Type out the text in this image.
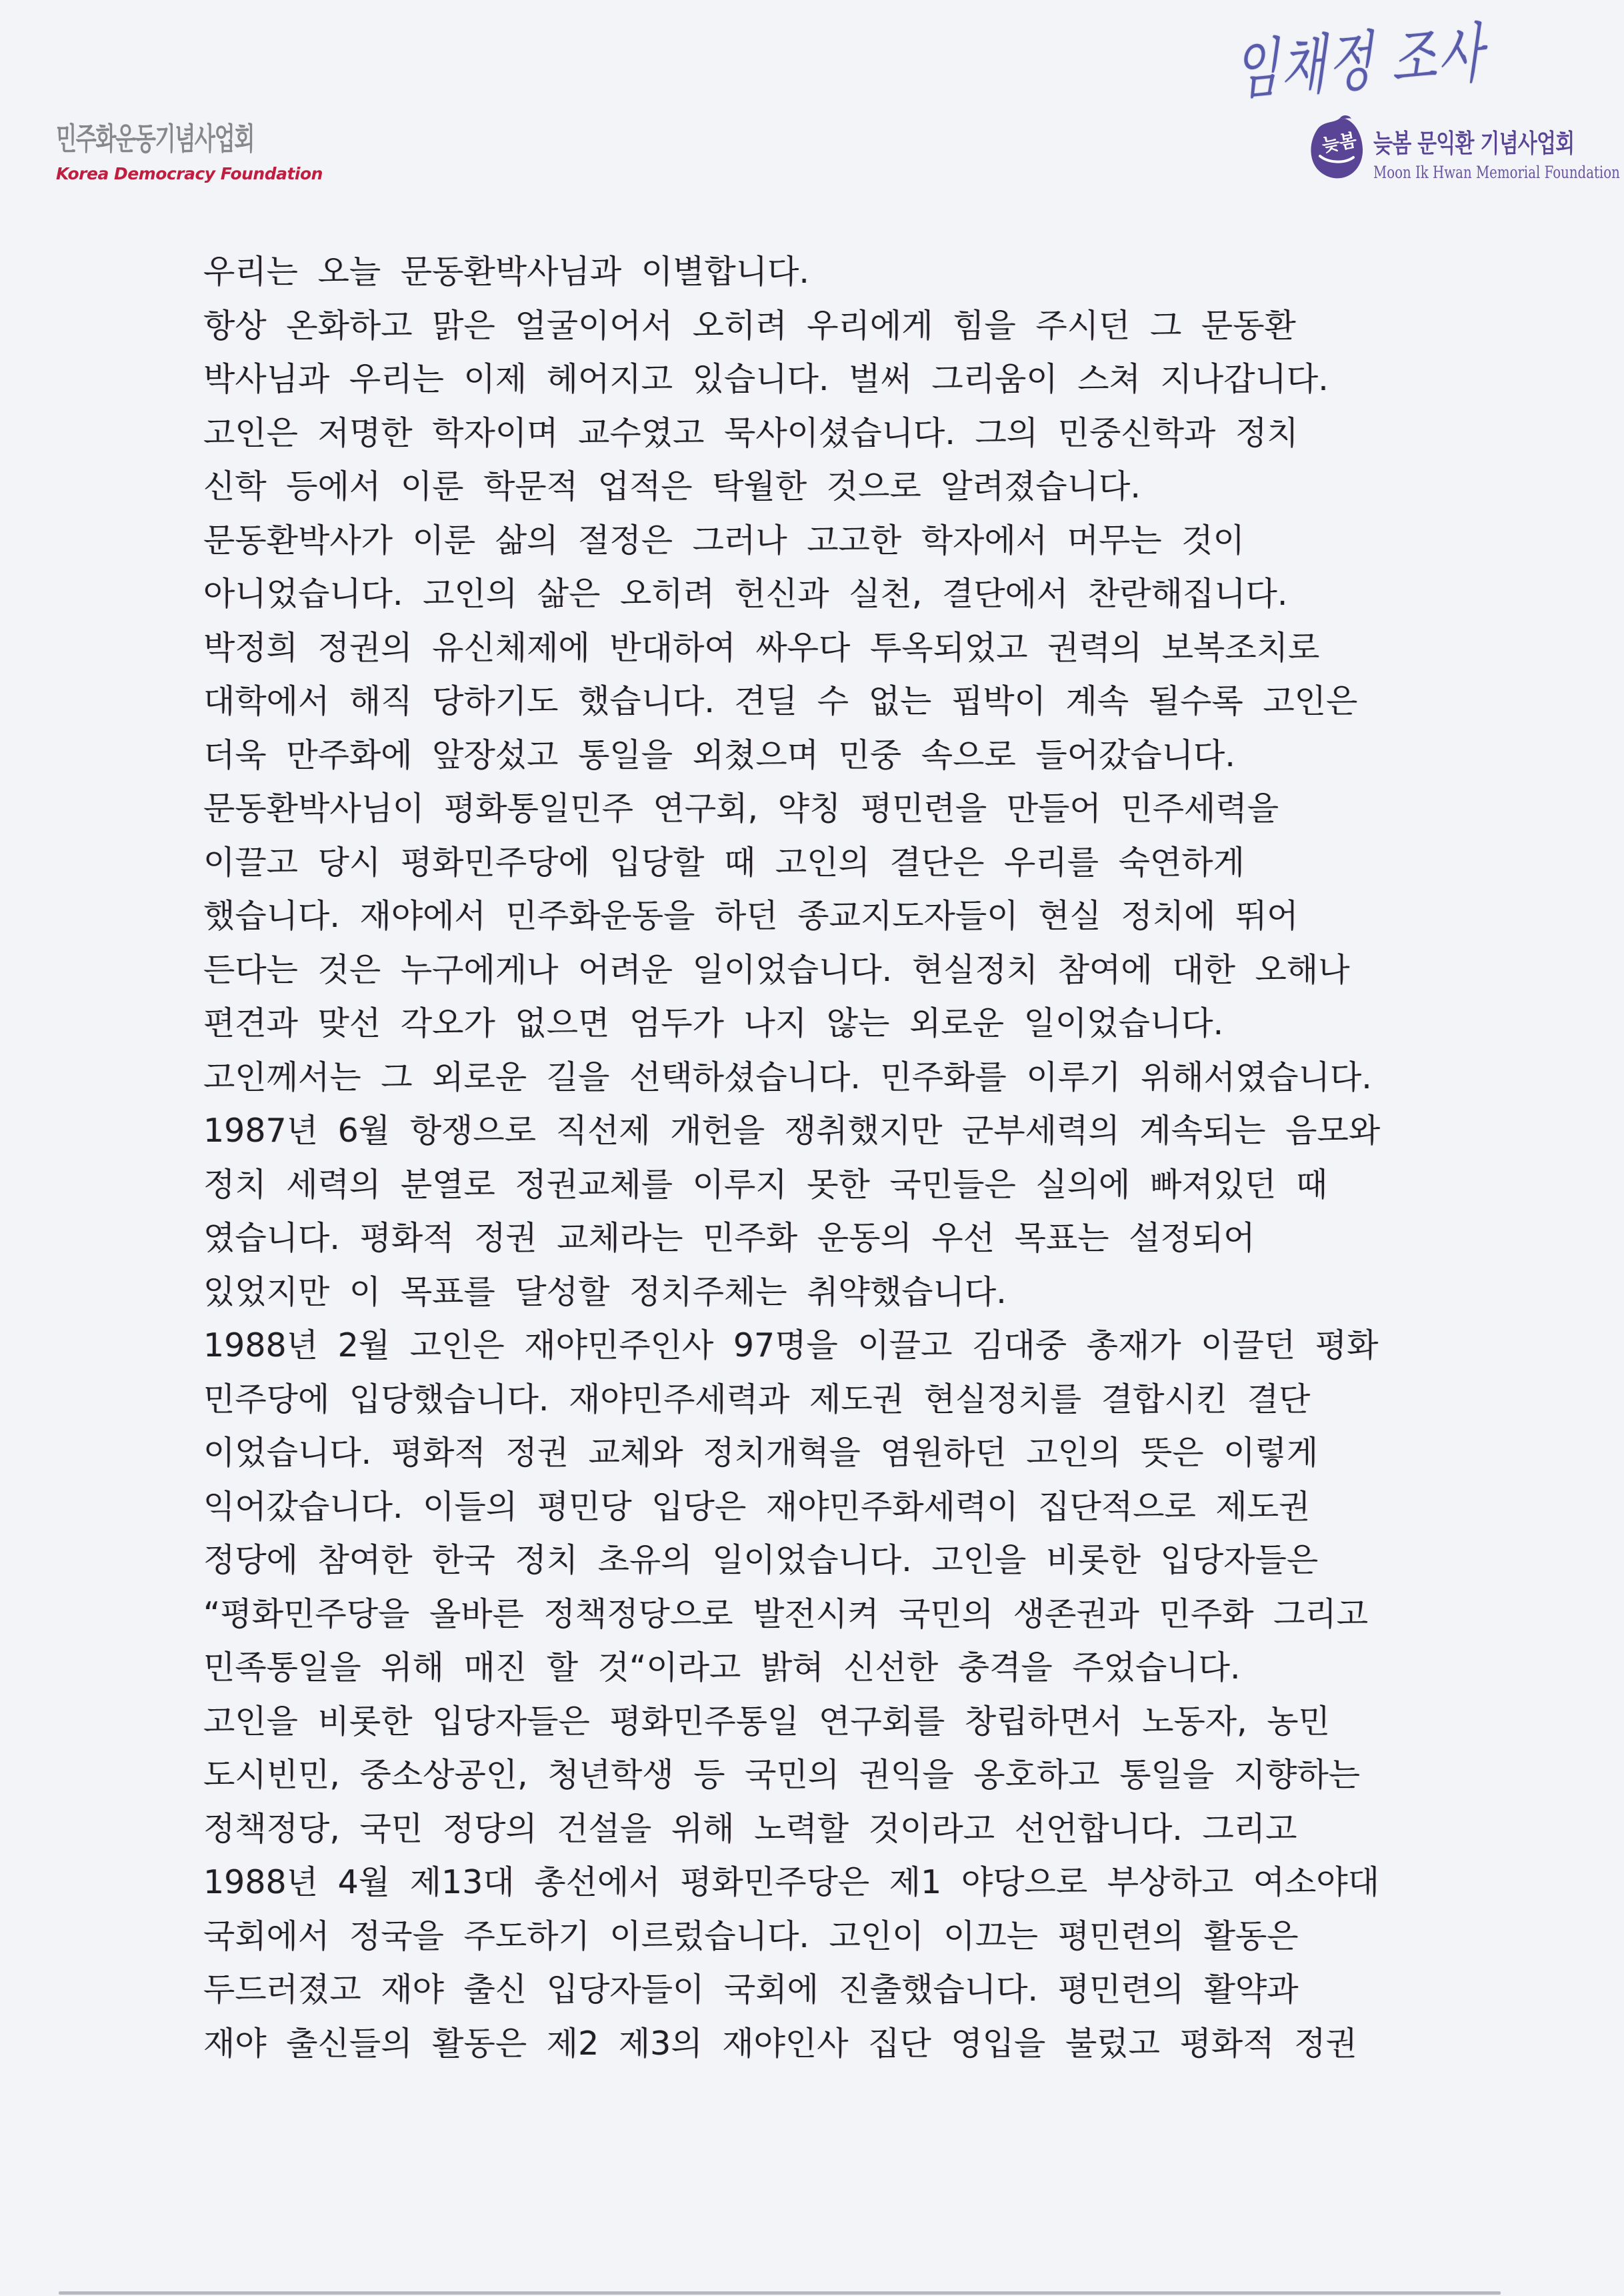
민주화운동기념사업회
Korea Democracy Foundation
임채정 조사
늦봄 늦봄 문익환 기념사업회
Moon Ik Hwan Memorial Foundation
우리는 오늘 문동환박사님과 이별합니다.
항상 온화하고 맑은 얼굴이어서 오히려 우리에게 힘을 주시던 그 문동환
박사님과 우리는 이제 헤어지고 있습니다. 벌써 그리움이 스쳐 지나갑니다.
고인은 저명한 학자이며 교수였고 묵사이셨습니다. 그의 민중신학과 정치
신학 등에서 이룬 학문적 업적은 탁월한 것으로 알려졌습니다.
문동환박사가 이룬 삶의 절정은 그러나 고고한 학자에서 머무는 것이
아니었습니다. 고인의 삶은 오히려 헌신과 실천, 결단에서 찬란해집니다.
박정희 정권의 유신체제에 반대하여 싸우다 투옥되었고 권력의 보복조치로
대학에서 해직 당하기도 했습니다. 견딜 수 없는 핍박이 계속 될수록 고인은
더욱 만주화에 앞장섰고 통일을 외쳤으며 민중 속으로 들어갔습니다.
문동환박사님이 평화통일민주 연구회, 약칭 평민련을 만들어 민주세력을
이끌고 당시 평화민주당에 입당할 때 고인의 결단은 우리를 숙연하게
했습니다. 재야에서 민주화운동을 하던 종교지도자들이 현실 정치에 뛰어
든다는 것은 누구에게나 어려운 일이었습니다. 현실정치 참여에 대한 오해나
편견과 맞선 각오가 없으면 엄두가 나지 않는 외로운 일이었습니다.
고인께서는 그 외로운 길을 선택하셨습니다. 민주화를 이루기 위해서였습니다.
1987년 6월 항쟁으로 직선제 개헌을 쟁취했지만 군부세력의 계속되는 음모와
정치 세력의 분열로 정권교체를 이루지 못한 국민들은 실의에 빠져있던 때
였습니다. 평화적 정권 교체라는 민주화 운동의 우선 목표는 설정되어
있었지만 이 목표를 달성할 정치주체는 취약했습니다.
1988년 2월 고인은 재야민주인사 97명을 이끌고 김대중 총재가 이끌던 평화
민주당에 입당했습니다. 재야민주세력과 제도권 현실정치를 결합시킨 결단
이었습니다. 평화적 정권 교체와 정치개혁을 염원하던 고인의 뜻은 이렇게
익어갔습니다. 이들의 평민당 입당은 재야민주화세력이 집단적으로 제도권
정당에 참여한 한국 정치 초유의 일이었습니다. 고인을 비롯한 입당자들은
“평화민주당을 올바른 정책정당으로 발전시켜 국민의 생존권과 민주화 그리고
민족통일을 위해 매진 할 것“이라고 밝혀 신선한 충격을 주었습니다.
고인을 비롯한 입당자들은 평화민주통일 연구회를 창립하면서 노동자, 농민
도시빈민, 중소상공인, 청년학생 등 국민의 권익을 옹호하고 통일을 지향하는
정책정당, 국민 정당의 건설을 위해 노력할 것이라고 선언합니다. 그리고
1988년 4월 제13대 총선에서 평화민주당은 제1 야당으로 부상하고 여소야대
국회에서 정국을 주도하기 이르렀습니다. 고인이 이끄는 평민련의 활동은
두드러졌고 재야 출신 입당자들이 국회에 진출했습니다. 평민련의 활약과
재야 출신들의 활동은 제2 제3의 재야인사 집단 영입을 불렀고 평화적 정권
